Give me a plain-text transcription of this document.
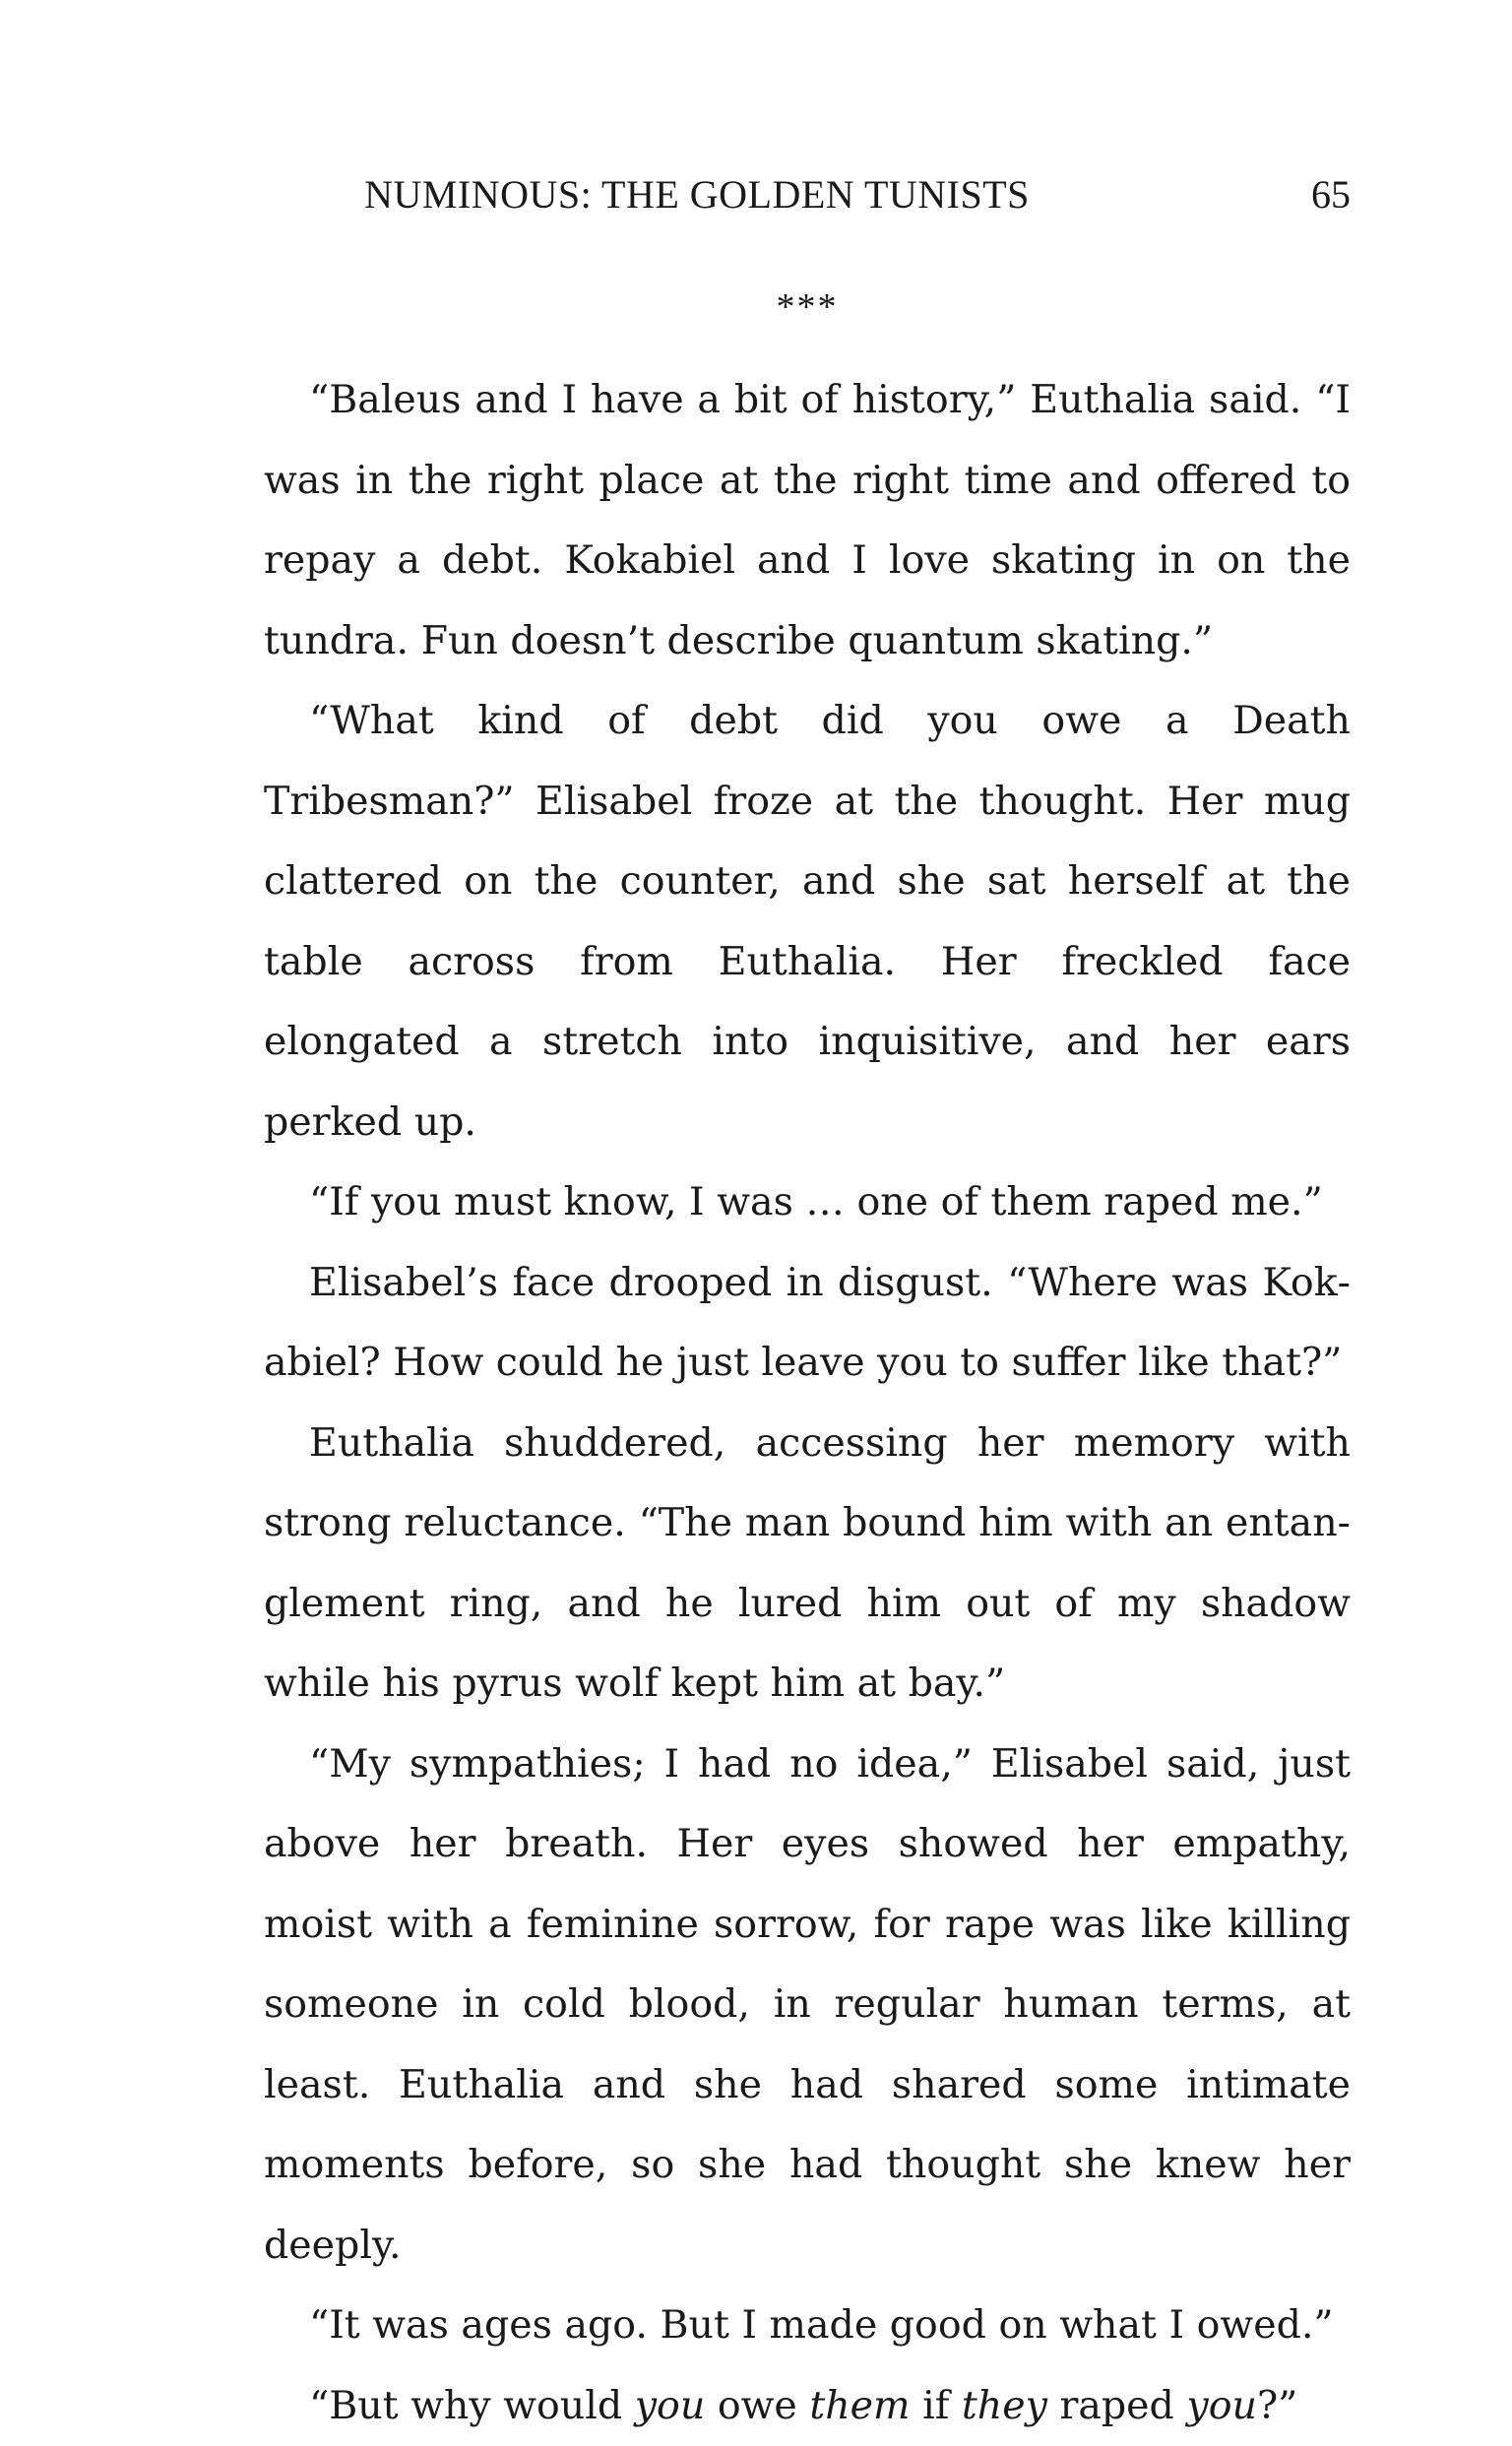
NUMINOUS: THE GOLDEN TUNISTS	65
***

“Baleus and I have a bit of history,” Euthalia said. “I was in the right place at the right time and offered to repay a debt. Kokabiel and I love skating in on the tundra. Fun doesn’t describe quantum skating.”

“What kind of debt did you owe a Death Tribesman?” Elisabel froze at the thought. Her mug clattered on the counter, and she sat herself at the table across from Euthalia. Her freckled face elongated a stretch into inquisitive, and her ears perked up.

“If you must know, I was … one of them raped me.”

Elisabel’s face drooped in disgust. “Where was Kokabiel? How could he just leave you to suffer like that?”

Euthalia shuddered, accessing her memory with strong reluctance. “The man bound him with an entanglement ring, and he lured him out of my shadow while his pyrus wolf kept him at bay.”

“My sympathies; I had no idea,” Elisabel said, just above her breath. Her eyes showed her empathy, moist with a feminine sorrow, for rape was like killing someone in cold blood, in regular human terms, at least. Euthalia and she had shared some intimate moments before, so she had thought she knew her deeply.

“It was ages ago. But I made good on what I owed.”

“But why would you owe them if they raped you?”
